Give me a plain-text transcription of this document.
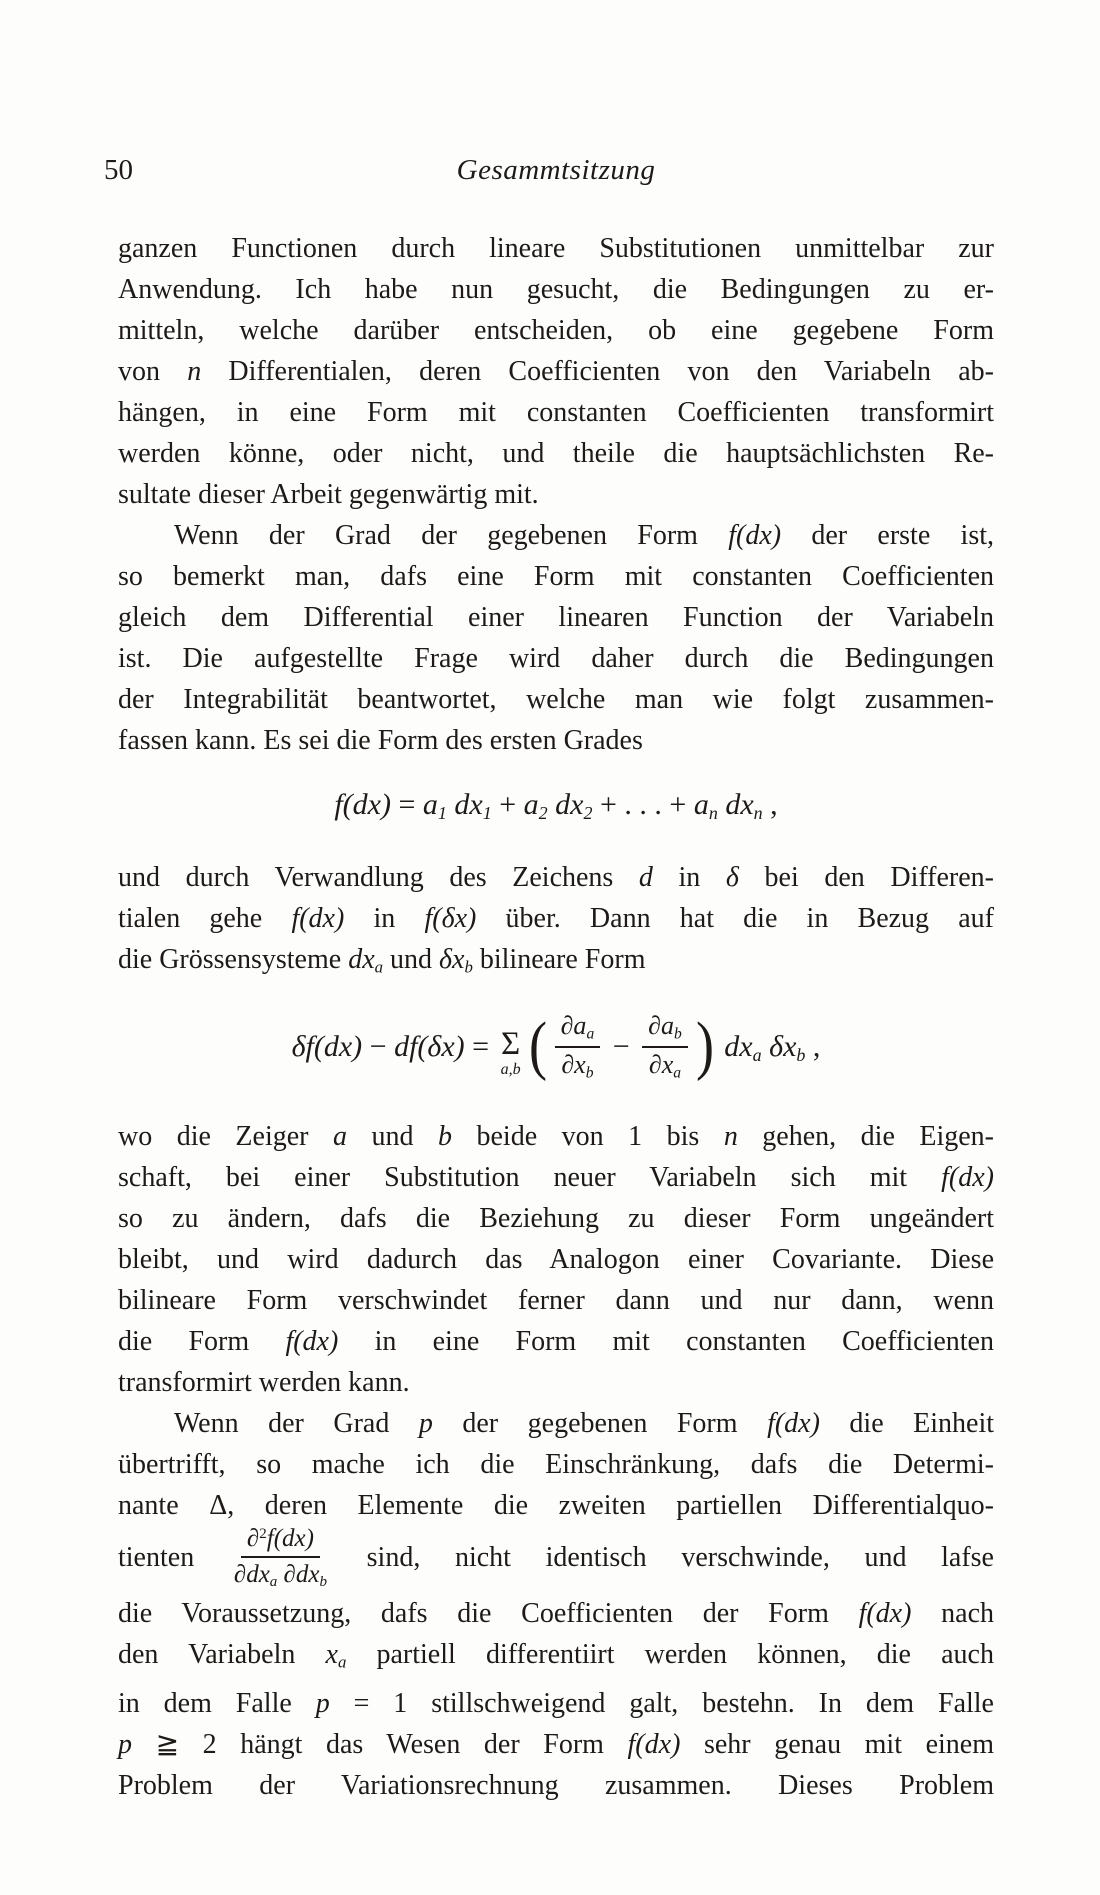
50	Gesammtsitzung
ganzen Functionen durch lineare Substitutionen unmittelbar zur
Anwendung. Ich habe nun gesucht, die Bedingungen zu er-
mitteln, welche darüber entscheiden, ob eine gegebene Form
von n Differentialen, deren Coefficienten von den Variabeln ab-
hängen, in eine Form mit constanten Coefficienten transformirt
werden könne, oder nicht, und theile die hauptsächlichsten Re-
sultate dieser Arbeit gegenwärtig mit.
Wenn der Grad der gegebenen Form f(dx) der erste ist,
so bemerkt man, dafs eine Form mit constanten Coefficienten
gleich dem Differential einer linearen Function der Variabeln
ist. Die aufgestellte Frage wird daher durch die Bedingungen
der Integrabilität beantwortet, welche man wie folgt zusammen-
fassen kann. Es sei die Form des ersten Grades
f(dx) = a1 dx1 + a2 dx2 + . . . + an dxn ,
und durch Verwandlung des Zeichens d in δ bei den Differen-
tialen gehe f(dx) in f(δx) über. Dann hat die in Bezug auf
die Grössensysteme dxa und δxb bilineare Form
δf(dx) − df(δx) = Σ
a,b ( $\frac{\partial aa}{\partial xb} - \frac{\partial ab}{\partial xa}$ ) dxa δxb ,
wo die Zeiger a und b beide von 1 bis n gehen, die Eigen-
schaft, bei einer Substitution neuer Variabeln sich mit f(dx)
so zu ändern, dafs die Beziehung zu dieser Form ungeändert
bleibt, und wird dadurch das Analogon einer Covariante. Diese
bilineare Form verschwindet ferner dann und nur dann, wenn
die Form f(dx) in eine Form mit constanten Coefficienten
transformirt werden kann.
Wenn der Grad p der gegebenen Form f(dx) die Einheit
übertrifft, so mache ich die Einschränkung, dafs die Determi-
nante Δ, deren Elemente die zweiten partiellen Differentialquo-
tienten $\frac{\partial^2f(dx)}{\text{∂dxa ∂dxb}} \sin d$, nicht identisch verschwinde, und lafse
die Voraussetzung, dafs die Coefficienten der Form f(dx) nach
den Variabeln xa partiell differentiirt werden können, die auch
in dem Falle p = 1 stillschweigend galt, bestehn. In dem Falle
p ≧ 2 hängt das Wesen der Form f(dx) sehr genau mit einem
Problem der Variationsrechnung zusammen. Dieses Problem
